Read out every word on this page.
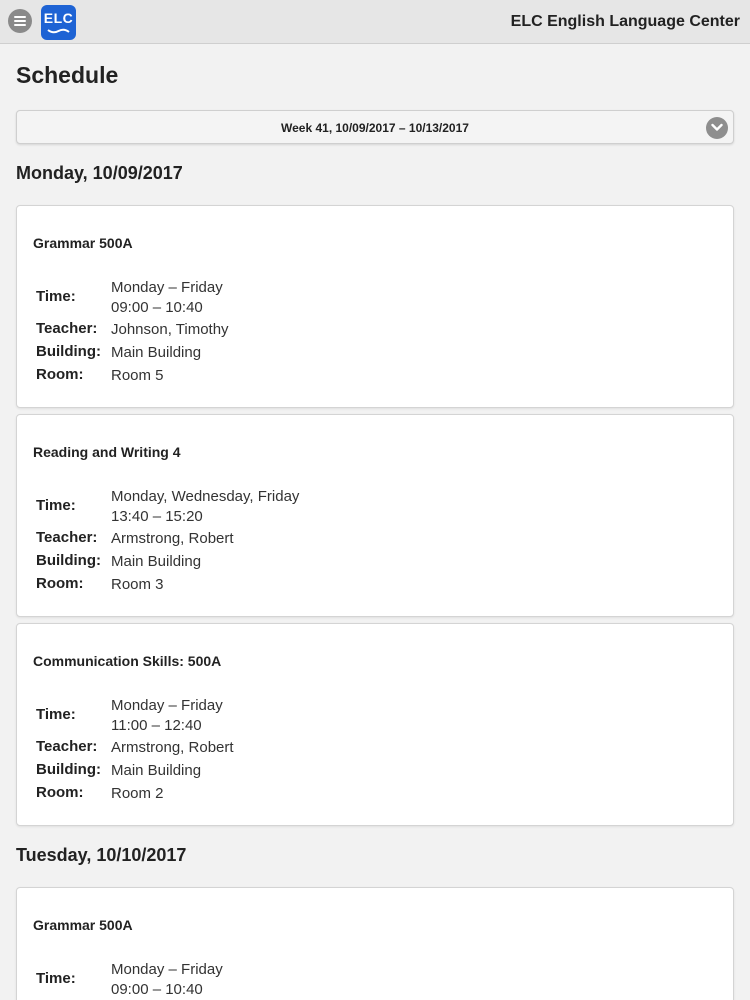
ELC	ELC English Language Center
Schedule
Week 41, 10/09/2017 – 10/13/2017
Monday, 10/09/2017
Grammar 500A
Time:
Monday – Friday
09:00 – 10:40
Teacher: Johnson, Timothy
Building: Main Building
Room:	Room 5
Reading and Writing 4
Time:
Monday, Wednesday, Friday
13:40 – 15:20
Teacher: Armstrong, Robert
Building: Main Building
Room:	Room 3
Communication Skills: 500A
Time:
Monday – Friday
11:00 – 12:40
Teacher: Armstrong, Robert
Building: Main Building
Room:	Room 2
Tuesday, 10/10/2017
Grammar 500A
Time:
Monday – Friday
09:00 – 10:40
